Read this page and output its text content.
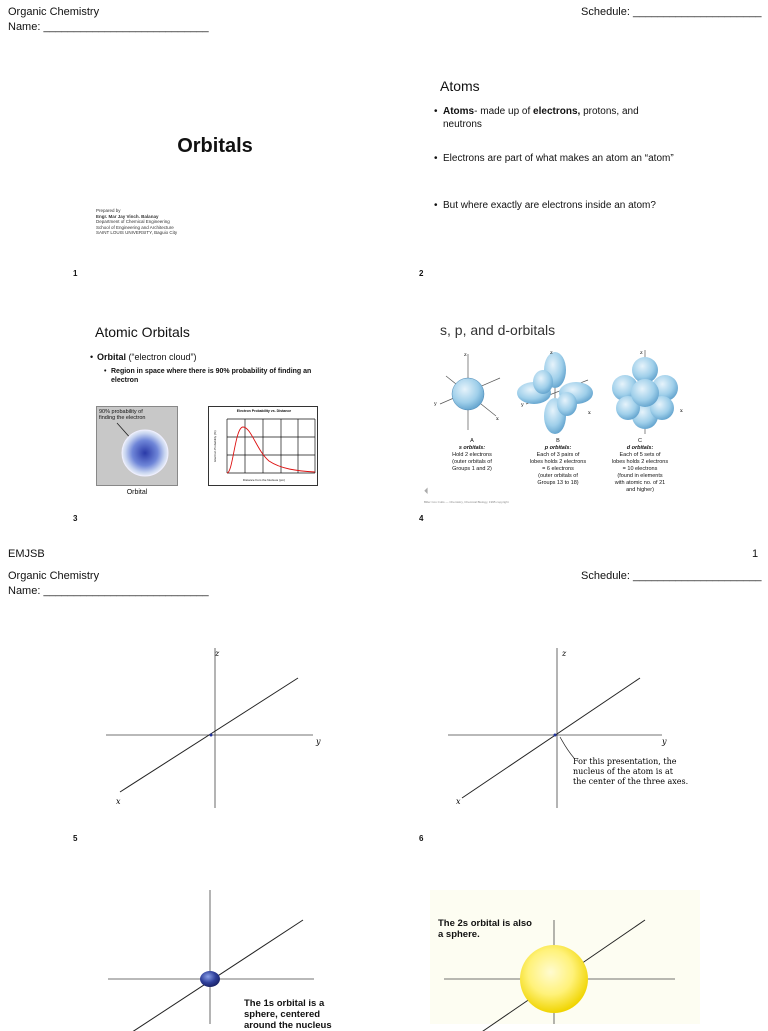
Organic Chemistry
Name: ___________________________
Schedule: _____________________
Orbitals
Prepared by
Engr. Mar Jay Vinch. Balanay
Department of Chemical Engineering
School of Engineering and Architecture
SAINT LOUIS UNIVERSITY, Baguio City
1
Atoms
• Atoms- made up of electrons, protons, and neutrons
• Electrons are part of what makes an atom an “atom”
• But where exactly are electrons inside an atom?
2
Atomic Orbitals
• Orbital (“electron cloud”)
• Region in space where there is 90% probability of finding an electron
90% probability of finding the electron
Orbital
Electron Probability vs. Distance
Distance from the Nucleus (pm)
Electron Probability (%)
3
s, p, and d-orbitals
z
y
x
z
y
x
z
x
A
s orbitals:
Hold 2 electrons
(outer orbitals of
Groups 1 and 2)
B
p orbitals:
Each of 3 pairs of
lobes holds 2 electrons
= 6 electrons
(outer orbitals of
Groups 13 to 18)
C
d orbitals:
Each of 5 sets of
lobes holds 2 electrons
= 10 electrons
(found in elements
with atomic no. of 21
and higher)
⏴
Biller Cox Cutts — Chemistry, Chemical Biology, 1995 copyright
4
EMJSB	1
Organic Chemistry
Name: ___________________________
Schedule: _____________________
z
y
x
5
z
y
x
For this presentation, the
nucleus of the atom is at
the center of the three axes.
6
The 1s orbital is a
sphere, centered
around the nucleus
The 2s orbital is also
a sphere.
